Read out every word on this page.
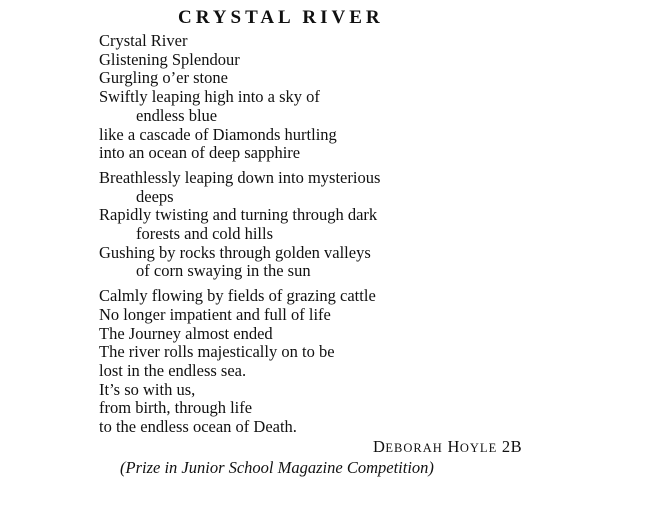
CRYSTAL RIVER
Crystal River
Glistening Splendour
Gurgling o’er stone
Swiftly leaping high into a sky of
endless blue
like a cascade of Diamonds hurtling
into an ocean of deep sapphire
Breathlessly leaping down into mysterious
deeps
Rapidly twisting and turning through dark
forests and cold hills
Gushing by rocks through golden valleys
of corn swaying in the sun
Calmly flowing by fields of grazing cattle
No longer impatient and full of life
The Journey almost ended
The river rolls majestically on to be
lost in the endless sea.
It’s so with us,
from birth, through life
to the endless ocean of Death.
DEBORAH HOYLE 2B
(Prize in Junior School Magazine Competition)
